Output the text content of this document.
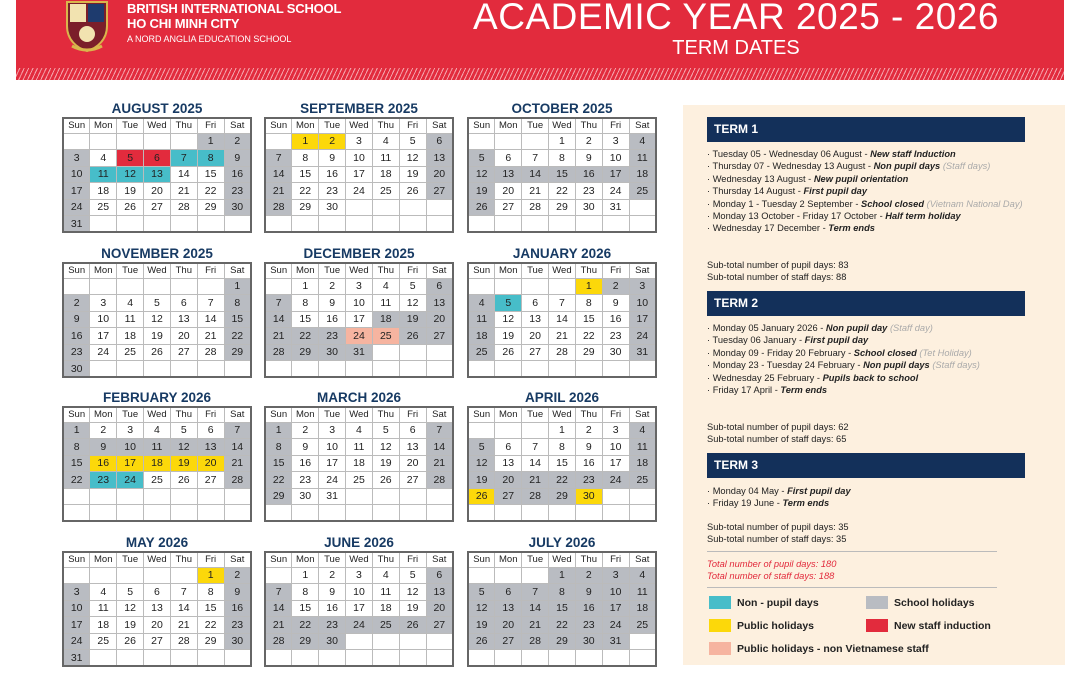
BRITISH INTERNATIONAL SCHOOL
HO CHI MINH CITY
A NORD ANGLIA EDUCATION SCHOOL
ACADEMIC YEAR 2025 - 2026
TERM DATES
AUGUST 2025
Sun	Mon	Tue	Wed	Thu	Fri	Sat
					1	2
3	4	5	6	7	8	9
10	11	12	13	14	15	16
17	18	19	20	21	22	23
24	25	26	27	28	29	30
31						
SEPTEMBER 2025
Sun	Mon	Tue	Wed	Thu	Fri	Sat
	1	2	3	4	5	6
7	8	9	10	11	12	13
14	15	16	17	18	19	20
21	22	23	24	25	26	27
28	29	30				

OCTOBER 2025
Sun	Mon	Tue	Wed	Thu	Fri	Sat
			1	2	3	4
5	6	7	8	9	10	11
12	13	14	15	16	17	18
19	20	21	22	23	24	25
26	27	28	29	30	31	

NOVEMBER 2025
Sun	Mon	Tue	Wed	Thu	Fri	Sat
						1
2	3	4	5	6	7	8
9	10	11	12	13	14	15
16	17	18	19	20	21	22
23	24	25	26	27	28	29
30						
DECEMBER 2025
Sun	Mon	Tue	Wed	Thu	Fri	Sat
	1	2	3	4	5	6
7	8	9	10	11	12	13
14	15	16	17	18	19	20
21	22	23	24	25	26	27
28	29	30	31			

JANUARY 2026
Sun	Mon	Tue	Wed	Thu	Fri	Sat
				1	2	3
4	5	6	7	8	9	10
11	12	13	14	15	16	17
18	19	20	21	22	23	24
25	26	27	28	29	30	31

FEBRUARY 2026
Sun	Mon	Tue	Wed	Thu	Fri	Sat
1	2	3	4	5	6	7
8	9	10	11	12	13	14
15	16	17	18	19	20	21
22	23	24	25	26	27	28

MARCH 2026
Sun	Mon	Tue	Wed	Thu	Fri	Sat
1	2	3	4	5	6	7
8	9	10	11	12	13	14
15	16	17	18	19	20	21
22	23	24	25	26	27	28
29	30	31				

APRIL 2026
Sun	Mon	Tue	Wed	Thu	Fri	Sat
			1	2	3	4
5	6	7	8	9	10	11
12	13	14	15	16	17	18
19	20	21	22	23	24	25
26	27	28	29	30		

MAY 2026
Sun	Mon	Tue	Wed	Thu	Fri	Sat
					1	2
3	4	5	6	7	8	9
10	11	12	13	14	15	16
17	18	19	20	21	22	23
24	25	26	27	28	29	30
31						
JUNE 2026
Sun	Mon	Tue	Wed	Thu	Fri	Sat
	1	2	3	4	5	6
7	8	9	10	11	12	13
14	15	16	17	18	19	20
21	22	23	24	25	26	27
28	29	30				

JULY 2026
Sun	Mon	Tue	Wed	Thu	Fri	Sat
			1	2	3	4
5	6	7	8	9	10	11
12	13	14	15	16	17	18
19	20	21	22	23	24	25
26	27	28	29	30	31	

TERM 1
· Tuesday 05 - Wednesday 06 August - New staff Induction
· Thursday 07 - Wednesday 13 August - Non pupil days (Staff days)
· Wednesday 13 August - New pupil orientation
· Thursday 14 August - First pupil day
· Monday 1 - Tuesday 2 September - School closed (Vietnam National Day)
· Monday 13 October - Friday 17 October - Half term holiday
· Wednesday 17 December - Term ends
Sub-total number of pupil days: 83
Sub-total number of staff days: 88
TERM 2
· Monday 05 January 2026 - Non pupil day (Staff day)
· Tuesday 06 January - First pupil day
· Monday 09 - Friday 20 February - School closed (Tet Holiday)
· Monday 23 - Tuesday 24 February - Non pupil days (Staff days)
· Wednesday 25 February - Pupils back to school
· Friday 17 April - Term ends
Sub-total number of pupil days: 62
Sub-total number of staff days: 65
TERM 3
· Monday 04 May - First pupil day
· Friday 19 June - Term ends
Sub-total number of pupil days: 35
Sub-total number of staff days: 35
Total number of pupil days: 180
Total number of staff days: 188
Non - pupil days	School holidays
Public holidays	New staff induction
Public holidays - non Vietnamese staff
